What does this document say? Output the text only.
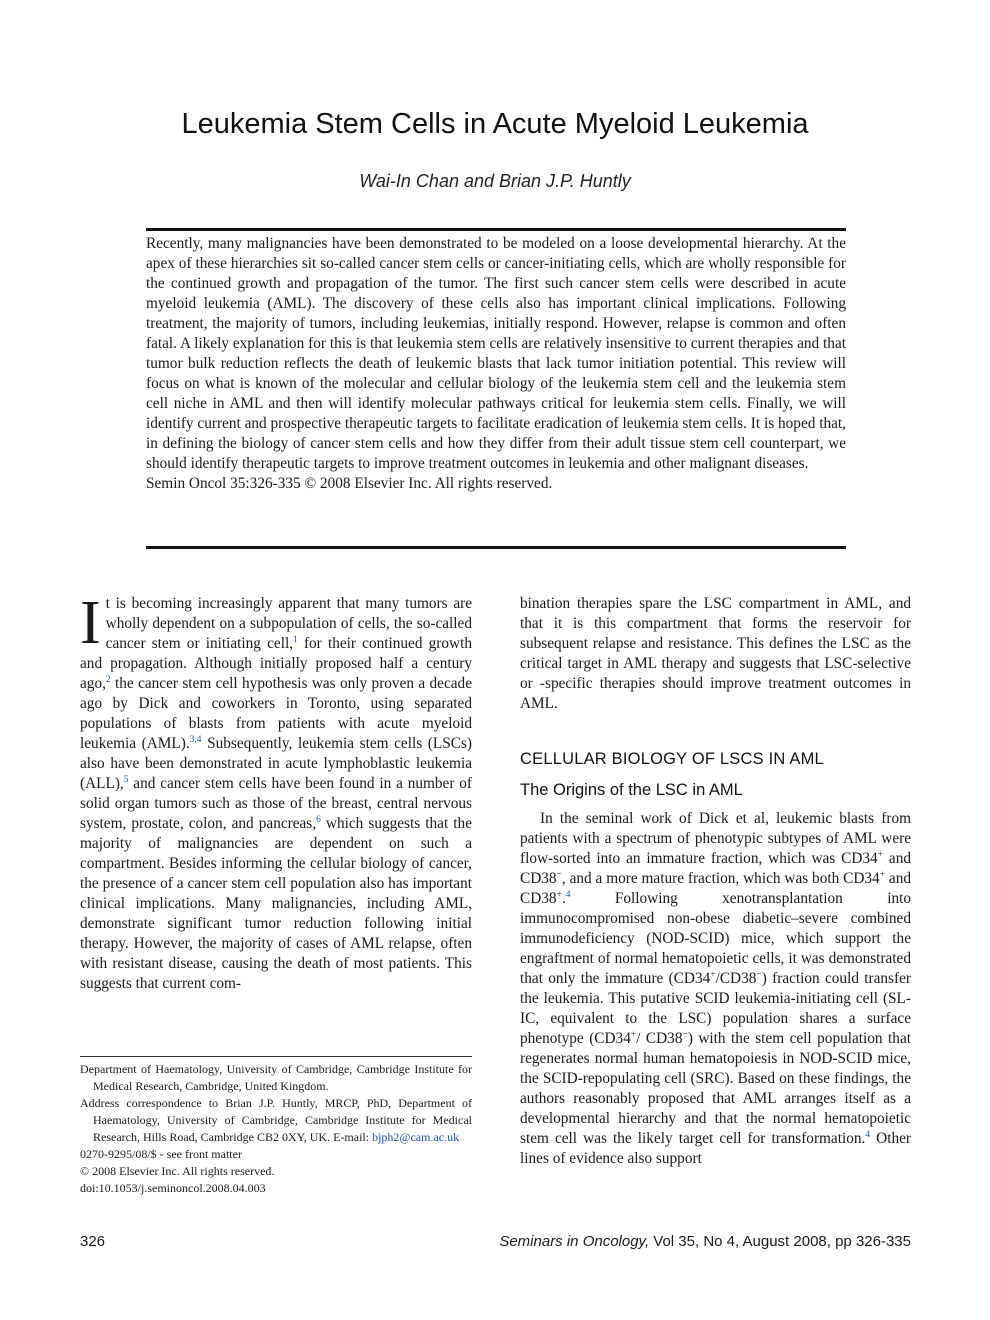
Leukemia Stem Cells in Acute Myeloid Leukemia
Wai-In Chan and Brian J.P. Huntly

Recently, many malignancies have been demonstrated to be modeled on a loose developmental hierarchy. At the apex of these hierarchies sit so-called cancer stem cells or cancer-initiating cells, which are wholly responsible for the continued growth and propagation of the tumor. The first such cancer stem cells were described in acute myeloid leukemia (AML). The discovery of these cells also has important clinical implications. Following treatment, the majority of tumors, including leukemias, initially respond. However, relapse is common and often fatal. A likely explanation for this is that leukemia stem cells are relatively insensitive to current therapies and that tumor bulk reduction reflects the death of leukemic blasts that lack tumor initiation potential. This review will focus on what is known of the molecular and cellular biology of the leukemia stem cell and the leukemia stem cell niche in AML and then will identify molecular pathways critical for leukemia stem cells. Finally, we will identify current and prospective therapeutic targets to facilitate eradication of leukemia stem cells. It is hoped that, in defining the biology of cancer stem cells and how they differ from their adult tissue stem cell counterpart, we should identify therapeutic targets to improve treatment outcomes in leukemia and other malignant diseases.

Semin Oncol 35:326-335 © 2008 Elsevier Inc. All rights reserved.

It is becoming increasingly apparent that many tumors are wholly dependent on a subpopulation of cells, the so-called cancer stem or initiating cell,$^1$ for their continued growth and propagation. Although initially proposed half a century ago,$^2$ the cancer stem cell hypothesis was only proven a decade ago by Dick and coworkers in Toronto, using separated populations of blasts from patients with acute myeloid leukemia (AML).$^{3,4}$ Subsequently, leukemia stem cells (LSCs) also have been demonstrated in acute lymphoblastic leukemia (ALL),$^5$ and cancer stem cells have been found in a number of solid organ tumors such as those of the breast, central nervous system, prostate, colon, and pancreas,$^6$ which suggests that the majority of malignancies are dependent on such a compartment. Besides informing the cellular biology of cancer, the presence of a cancer stem cell population also has important clinical implications. Many malignancies, including AML, demonstrate significant tumor reduction following initial therapy. However, the majority of cases of AML relapse, often with resistant disease, causing the death of most patients. This suggests that current com-

bination therapies spare the LSC compartment in AML, and that it is this compartment that forms the reservoir for subsequent relapse and resistance. This defines the LSC as the critical target in AML therapy and suggests that LSC-selective or -specific therapies should improve treatment outcomes in AML.

CELLULAR BIOLOGY OF LSCS IN AML
The Origins of the LSC in AML

In the seminal work of Dick et al, leukemic blasts from patients with a spectrum of phenotypic subtypes of AML were flow-sorted into an immature fraction, which was CD34+ and CD38−, and a more mature fraction, which was both CD34+ and CD38+.$^4$ Following xenotransplantation into immunocompromised non-obese diabetic–severe combined immunodeficiency (NOD-SCID) mice, which support the engraftment of normal hematopoietic cells, it was demonstrated that only the immature (CD34+/CD38−) fraction could transfer the leukemia. This putative SCID leukemia-initiating cell (SL-IC, equivalent to the LSC) population shares a surface phenotype (CD34+/ CD38−) with the stem cell population that regenerates normal human hematopoiesis in NOD-SCID mice, the SCID-repopulating cell (SRC). Based on these findings, the authors reasonably proposed that AML arranges itself as a developmental hierarchy and that the normal hematopoietic stem cell was the likely target cell for transformation.$^4$ Other lines of evidence also support

Department of Haematology, University of Cambridge, Cambridge Institute for Medical Research, Cambridge, United Kingdom.

Address correspondence to Brian J.P. Huntly, MRCP, PhD, Department of Haematology, University of Cambridge, Cambridge Institute for Medical Research, Hills Road, Cambridge CB2 0XY, UK. E-mail: bjph2@cam.ac.uk

0270-9295/08/$ - see front matter

© 2008 Elsevier Inc. All rights reserved.

doi:10.1053/j.seminoncol.2008.04.003

326	Seminars in Oncology, Vol 35, No 4, August 2008, pp 326-335
